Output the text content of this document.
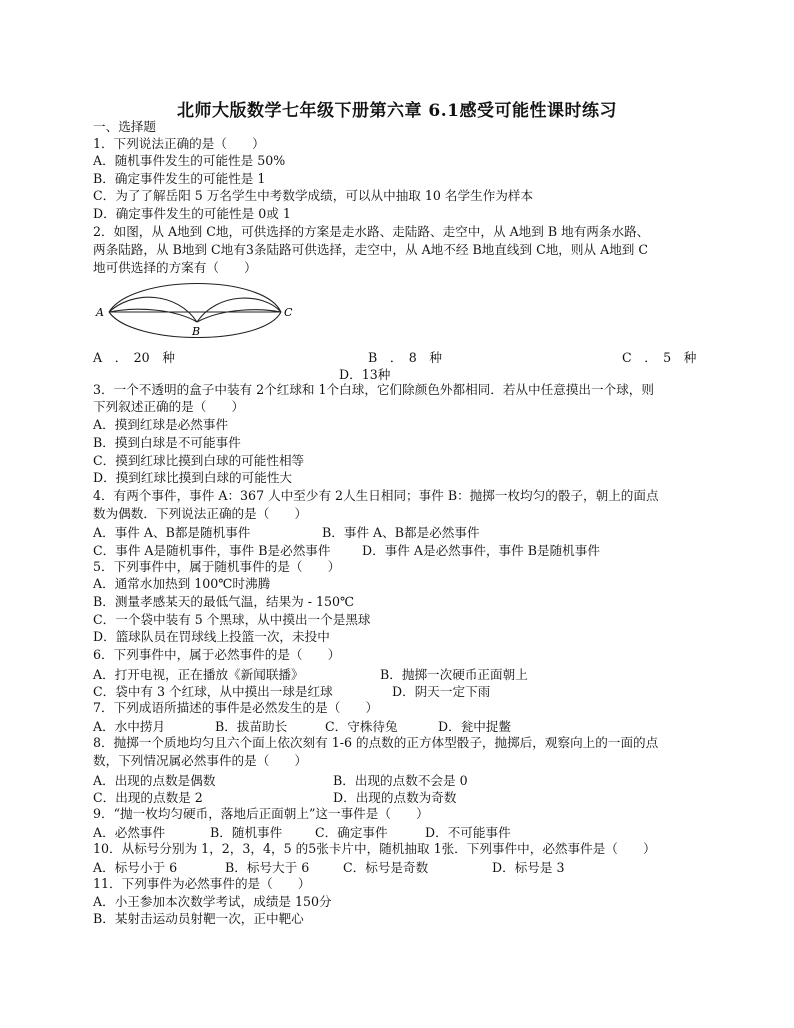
北师大版数学七年级下册第六章 6.1感受可能性课时练习
一、选择题
1．下列说法正确的是（　　）
A．随机事件发生的可能性是 50%
B．确定事件发生的可能性是 1
C．为了了解岳阳 5 万名学生中考数学成绩，可以从中抽取 10 名学生作为样本
D．确定事件发生的可能性是 0或 1
2．如图，从 A地到 C地，可供选择的方案是走水路、走陆路、走空中，从 A地到 B 地有两条水路、
两条陆路，从 B地到 C地有3条陆路可供选择，走空中，从 A地不经 B地直线到 C地，则从 A地到 C
地可供选择的方案有（　　）
A
B
C
A　．　20　种	B　．　8　种	C　．　5　种
D．13种
3．一个不透明的盒子中装有 2个红球和 1个白球，它们除颜色外都相同．若从中任意摸出一个球，则
下列叙述正确的是（　　）
A．摸到红球是必然事件
B．摸到白球是不可能事件
C．摸到红球比摸到白球的可能性相等
D．摸到红球比摸到白球的可能性大
4．有两个事件，事件 A：367 人中至少有 2人生日相同；事件 B：抛掷一枚均匀的骰子，朝上的面点
数为偶数．下列说法正确的是（　　）
A．事件 A、B都是随机事件	B．事件 A、B都是必然事件
C．事件 A是随机事件，事件 B是必然事件	D．事件 A是必然事件，事件 B是随机事件
5．下列事件中，属于随机事件的是（　　）
A．通常水加热到 100℃时沸腾
B．测量孝感某天的最低气温，结果为 - 150℃
C．一个袋中装有 5 个黑球，从中摸出一个是黑球
D．篮球队员在罚球线上投篮一次，未投中
6．下列事件中，属于必然事件的是（　　）
A．打开电视，正在播放《新闻联播》	B．抛掷一次硬币正面朝上
C．袋中有 3 个红球，从中摸出一球是红球	D．阴天一定下雨
7．下列成语所描述的事件是必然发生的是（　　）
A．水中捞月	B．拔苗助长	C．守株待兔	D．瓮中捉鳖
8．抛掷一个质地均匀且六个面上依次刻有 1-6 的点数的正方体型骰子，抛掷后，观察向上的一面的点
数，下列情况属必然事件的是（　　）
A．出现的点数是偶数	B．出现的点数不会是 0
C．出现的点数是 2	D．出现的点数为奇数
9．“抛一枚均匀硬币，落地后正面朝上”这一事件是（　　）
A．必然事件	B．随机事件	C．确定事件	D．不可能事件
10．从标号分别为 1，2，3，4，5 的5张卡片中，随机抽取 1张．下列事件中，必然事件是（　　）
A．标号小于 6	B．标号大于 6	C．标号是奇数	D．标号是 3
11．下列事件为必然事件的是（　　）
A．小王参加本次数学考试，成绩是 150分
B．某射击运动员射靶一次，正中靶心
